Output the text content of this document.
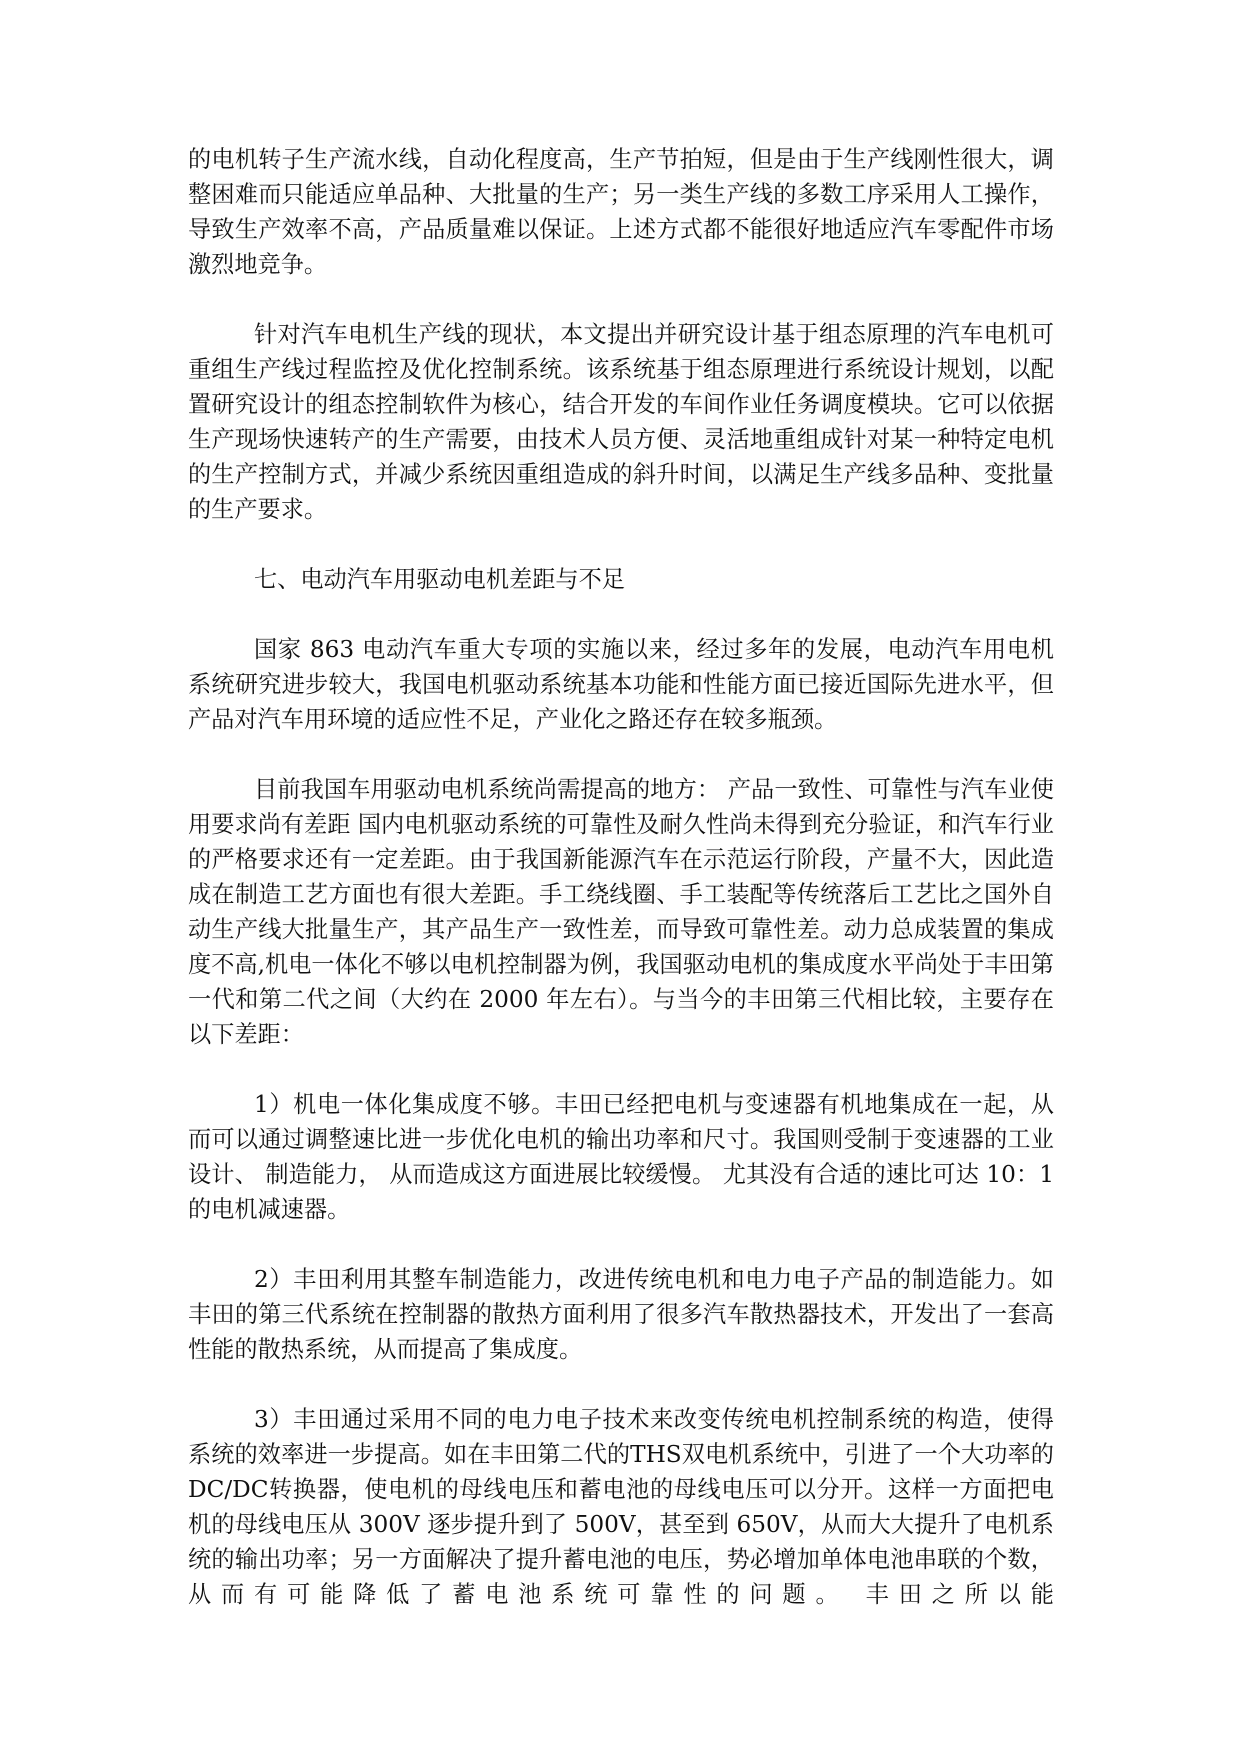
的电机转子生产流水线，自动化程度高，生产节拍短，但是由于生产线刚性很大，调整困难而只能适应单品种、大批量的生产；另一类生产线的多数工序采用人工操作，导致生产效率不高，产品质量难以保证。上述方式都不能很好地适应汽车零配件市场激烈地竞争。

针对汽车电机生产线的现状，本文提出并研究设计基于组态原理的汽车电机可重组生产线过程监控及优化控制系统。该系统基于组态原理进行系统设计规划，以配置研究设计的组态控制软件为核心，结合开发的车间作业任务调度模块。它可以依据生产现场快速转产的生产需要，由技术人员方便、灵活地重组成针对某一种特定电机的生产控制方式，并减少系统因重组造成的斜升时间，以满足生产线多品种、变批量的生产要求。

七、电动汽车用驱动电机差距与不足

国家 863 电动汽车重大专项的实施以来，经过多年的发展，电动汽车用电机系统研究进步较大，我国电机驱动系统基本功能和性能方面已接近国际先进水平，但产品对汽车用环境的适应性不足，产业化之路还存在较多瓶颈。

目前我国车用驱动电机系统尚需提高的地方： 产品一致性、可靠性与汽车业使用要求尚有差距 国内电机驱动系统的可靠性及耐久性尚未得到充分验证，和汽车行业的严格要求还有一定差距。由于我国新能源汽车在示范运行阶段，产量不大，因此造成在制造工艺方面也有很大差距。手工绕线圈、手工装配等传统落后工艺比之国外自动生产线大批量生产，其产品生产一致性差，而导致可靠性差。动力总成装置的集成度不高,机电一体化不够以电机控制器为例，我国驱动电机的集成度水平尚处于丰田第一代和第二代之间（大约在 2000 年左右）。与当今的丰田第三代相比较，主要存在以下差距：

1）机电一体化集成度不够。丰田已经把电机与变速器有机地集成在一起，从而可以通过调整速比进一步优化电机的输出功率和尺寸。我国则受制于变速器的工业设计、 制造能力， 从而造成这方面进展比较缓慢。 尤其没有合适的速比可达 10：1 的电机减速器。

2）丰田利用其整车制造能力，改进传统电机和电力电子产品的制造能力。如丰田的第三代系统在控制器的散热方面利用了很多汽车散热器技术，开发出了一套高性能的散热系统，从而提高了集成度。

3）丰田通过采用不同的电力电子技术来改变传统电机控制系统的构造，使得系统的效率进一步提高。如在丰田第二代的THS双电机系统中，引进了一个大功率的DC/DC转换器，使电机的母线电压和蓄电池的母线电压可以分开。这样一方面把电机的母线电压从 300V 逐步提升到了 500V，甚至到 650V，从而大大提升了电机系统的输出功率；另一方面解决了提升蓄电池的电压，势必增加单体电池串联的个数，从而有可能降低了蓄电池系统可靠性的问题。 丰田之所以能
